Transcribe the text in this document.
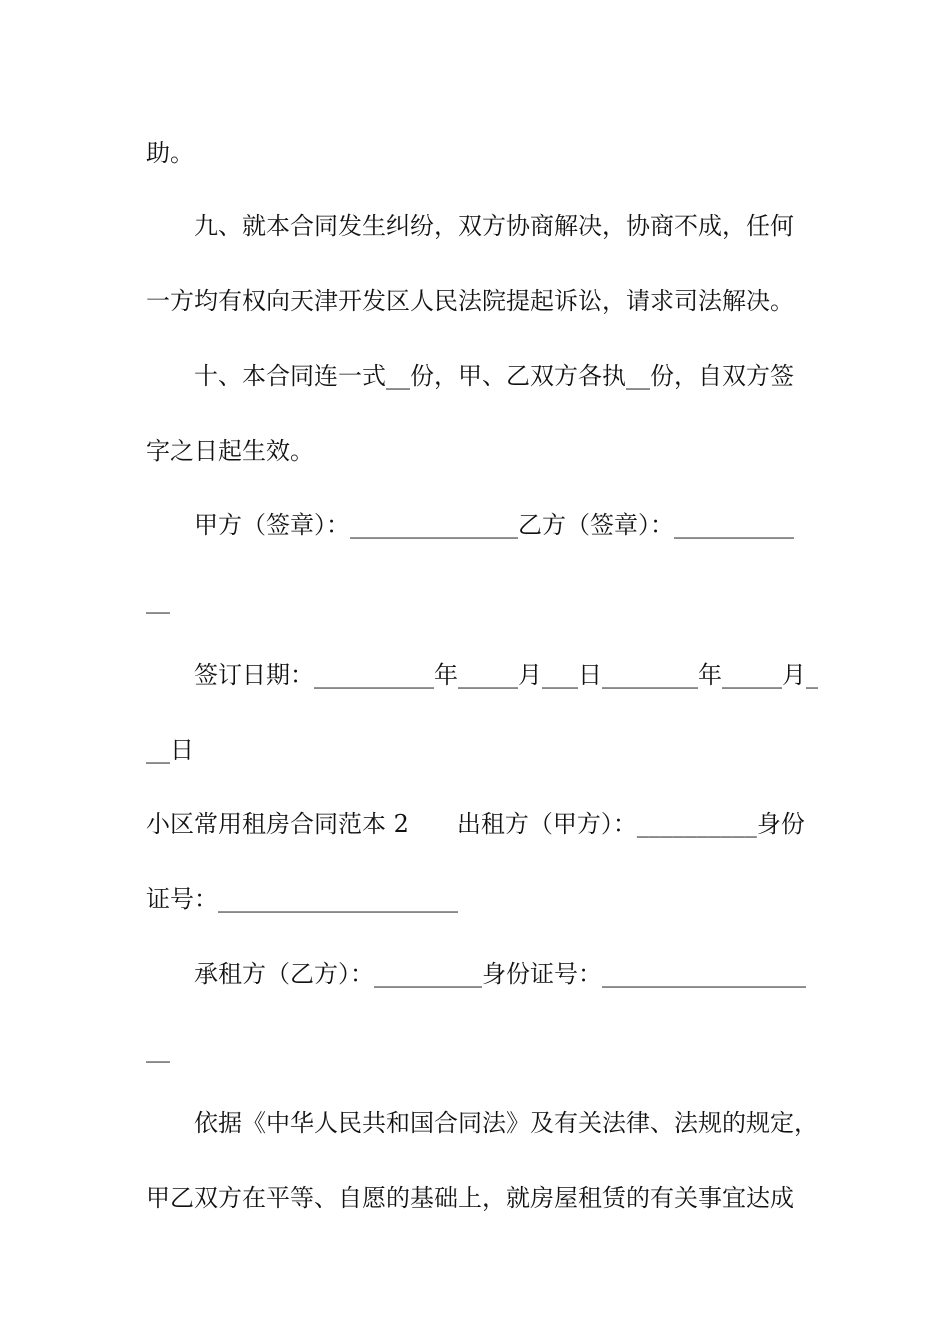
助。
九、就本合同发生纠纷，双方协商解决，协商不成，任何
一方均有权向天津开发区人民法院提起诉讼，请求司法解决。
十、本合同连一式__份，甲、乙双方各执__份，自双方签
字之日起生效。
甲方（签章）：______________乙方（签章）：__________
__
签订日期：__________年_____月___日________年_____月_
__日
小区常用租房合同范本 2　　出租方（甲方）：__________身份
证号：____________________
承租方（乙方）：_________身份证号：_________________
__
依据《中华人民共和国合同法》及有关法律、法规的规定，
甲乙双方在平等、自愿的基础上，就房屋租赁的有关事宜达成
